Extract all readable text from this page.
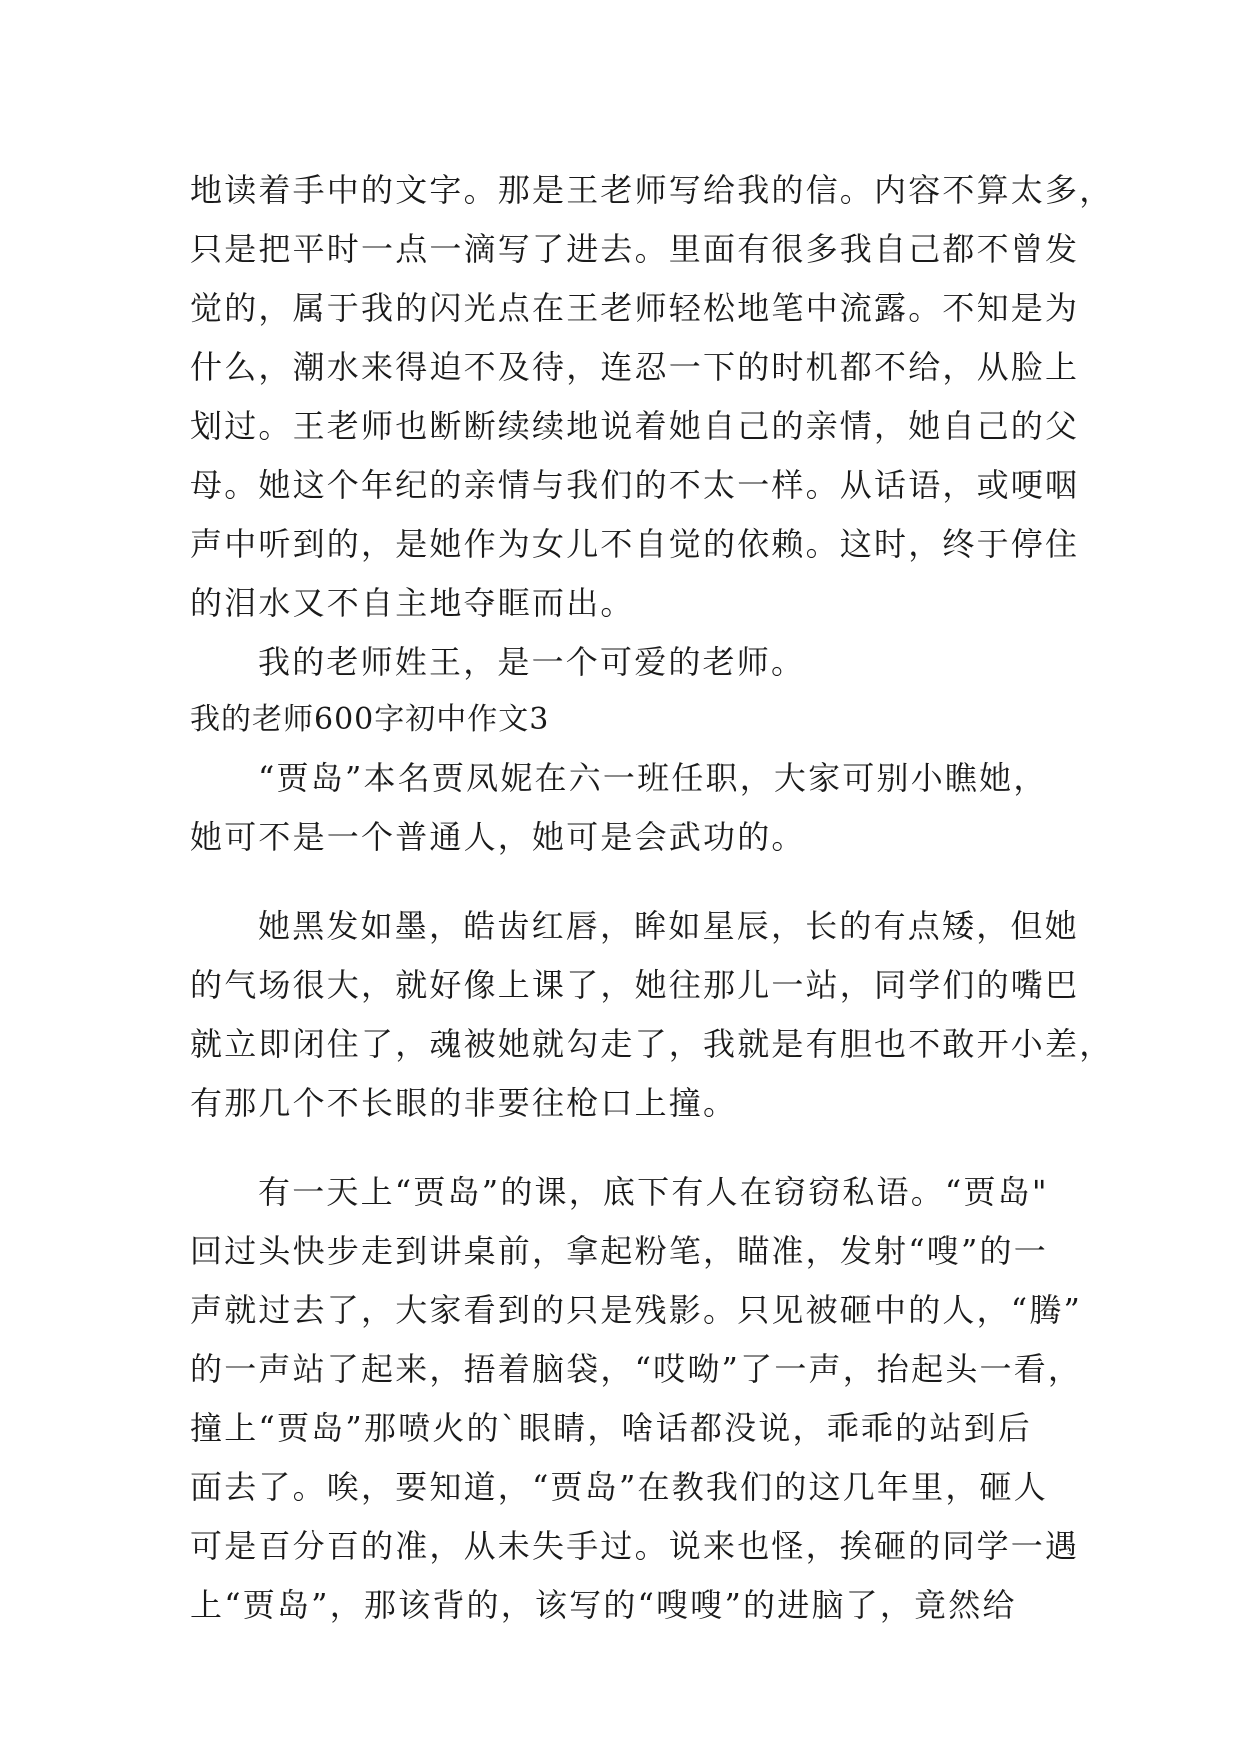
地读着手中的文字。那是王老师写给我的信。内容不算太多，

只是把平时一点一滴写了进去。里面有很多我自己都不曾发

觉的，属于我的闪光点在王老师轻松地笔中流露。不知是为

什么，潮水来得迫不及待，连忍一下的时机都不给，从脸上

划过。王老师也断断续续地说着她自己的亲情，她自己的父

母。她这个年纪的亲情与我们的不太一样。从话语，或哽咽

声中听到的，是她作为女儿不自觉的依赖。这时，终于停住

的泪水又不自主地夺眶而出。

我的老师姓王，是一个可爱的老师。

我的老师600字初中作文3

“贾岛”本名贾凤妮在六一班任职，大家可别小瞧她，

她可不是一个普通人，她可是会武功的。

她黑发如墨，皓齿红唇，眸如星辰，长的有点矮，但她

的气场很大，就好像上课了，她往那儿一站，同学们的嘴巴

就立即闭住了，魂被她就勾走了，我就是有胆也不敢开小差，

有那几个不长眼的非要往枪口上撞。

有一天上“贾岛”的课，底下有人在窃窃私语。“贾岛"

回过头快步走到讲桌前，拿起粉笔，瞄准，发射“嗖”的一

声就过去了，大家看到的只是残影。只见被砸中的人，“腾”

的一声站了起来，捂着脑袋，“哎呦”了一声，抬起头一看，

撞上“贾岛”那喷火的`眼睛，啥话都没说，乖乖的站到后

面去了。唉，要知道，“贾岛”在教我们的这几年里，砸人

可是百分百的准，从未失手过。说来也怪，挨砸的同学一遇

上“贾岛”，那该背的，该写的“嗖嗖”的进脑了，竟然给
